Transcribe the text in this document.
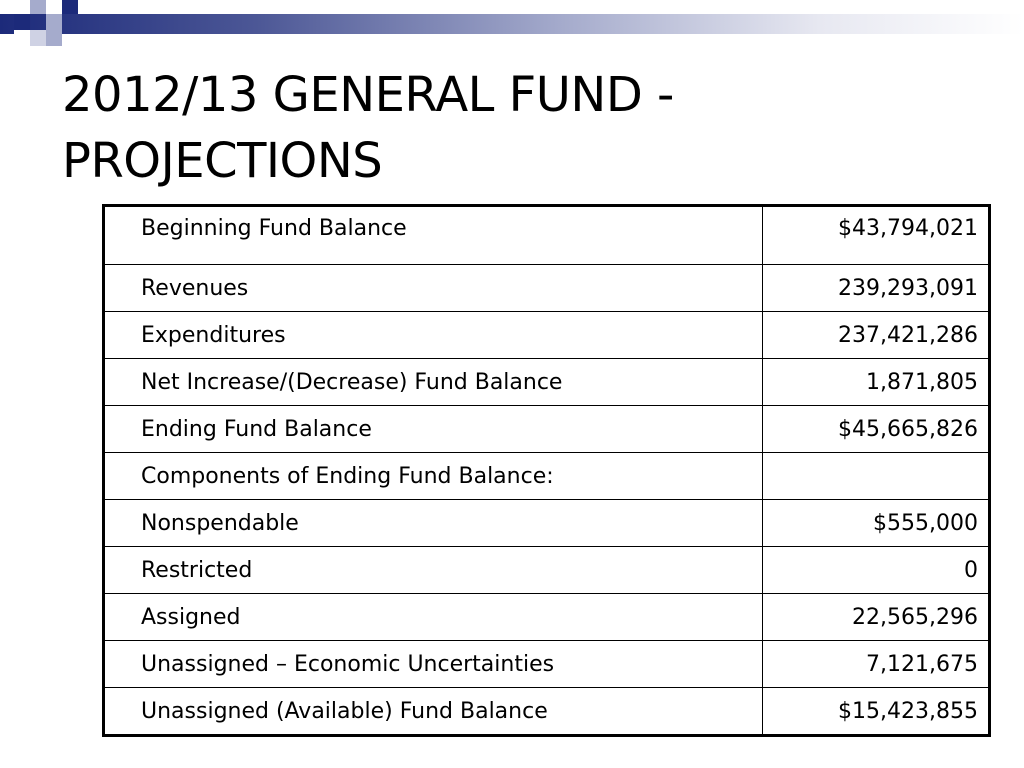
2012/13 GENERAL FUND -
PROJECTIONS
Beginning Fund Balance	$43,794,021
Revenues	239,293,091
Expenditures	237,421,286
Net Increase/(Decrease) Fund Balance	1,871,805
Ending Fund Balance	$45,665,826
Components of Ending Fund Balance:	
Nonspendable	$555,000
Restricted	0
Assigned	22,565,296
Unassigned – Economic Uncertainties	7,121,675
Unassigned (Available) Fund Balance	$15,423,855
